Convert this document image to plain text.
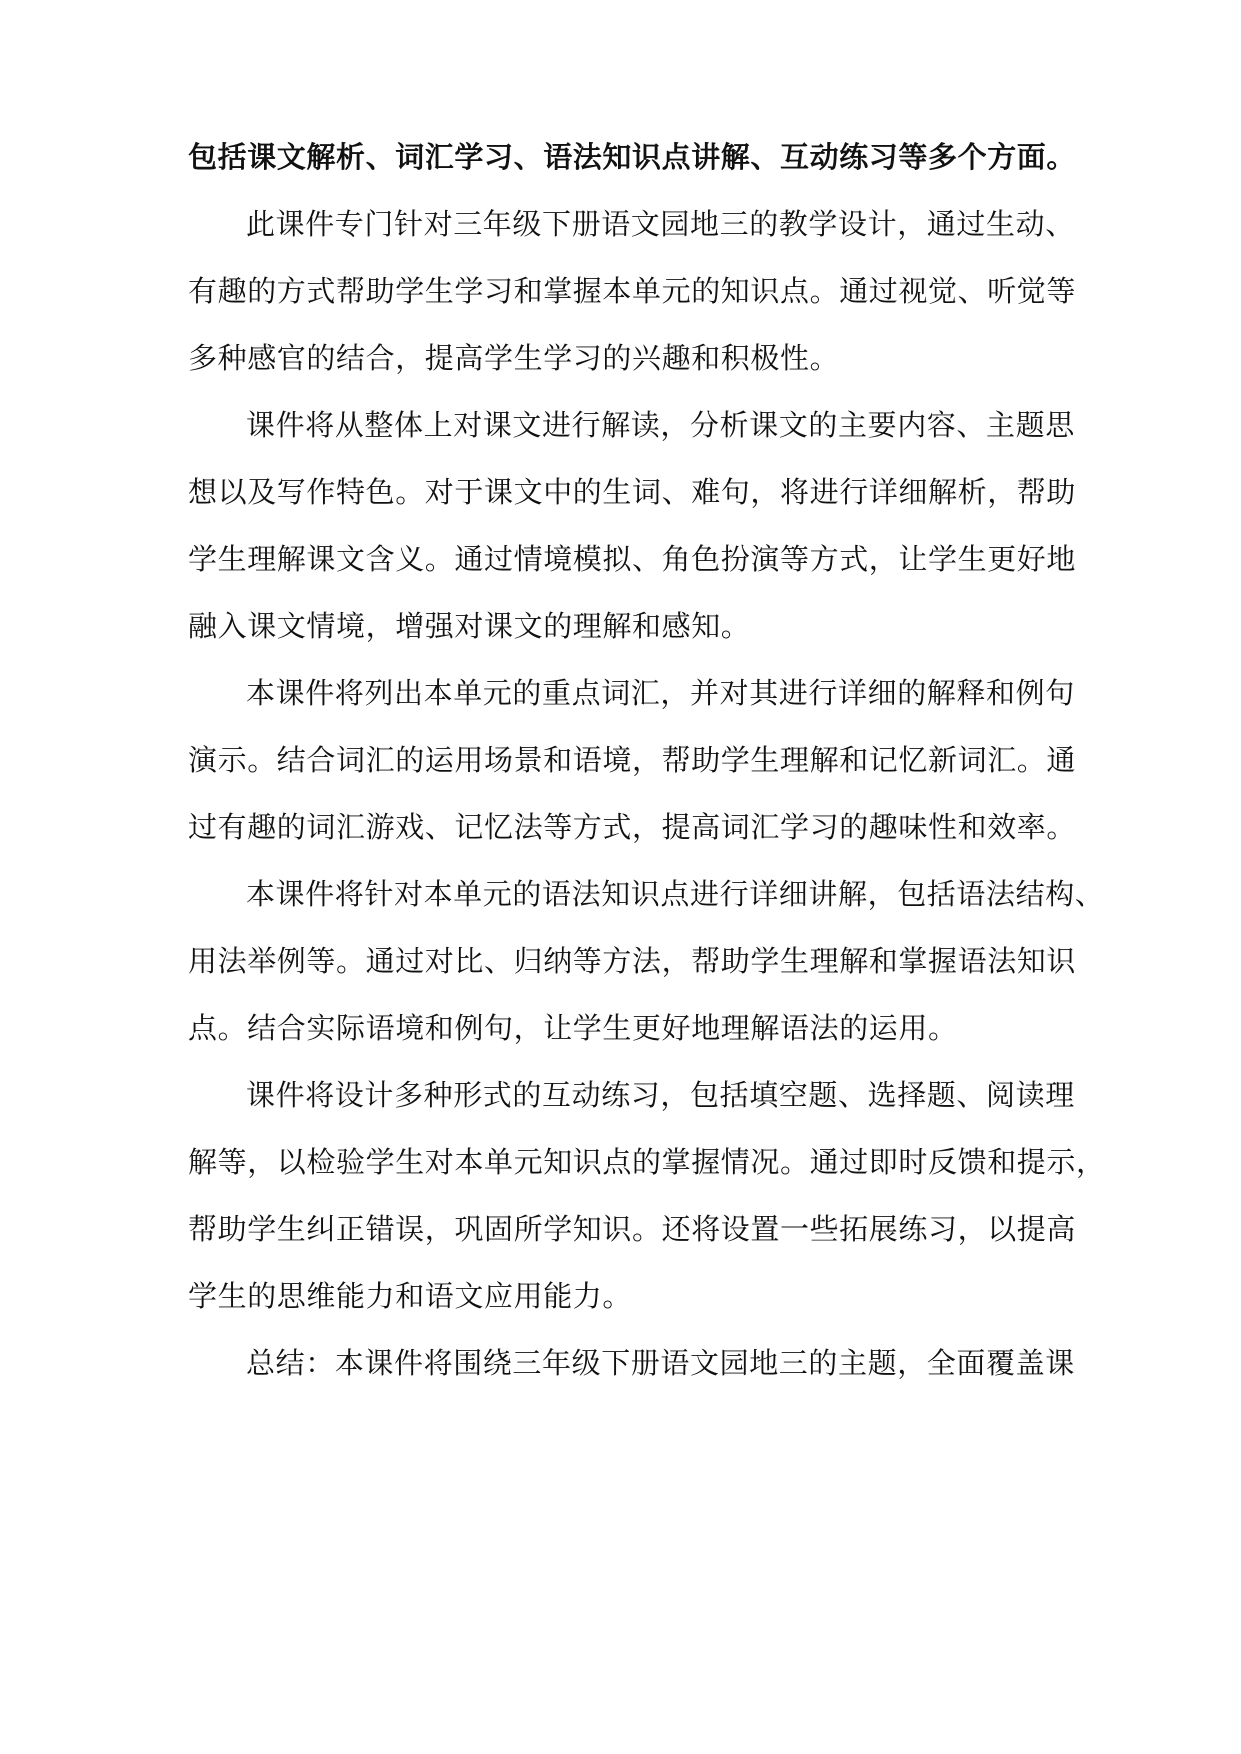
包括课文解析、词汇学习、语法知识点讲解、互动练习等多个方面。

此课件专门针对三年级下册语文园地三的教学设计，通过生动、

有趣的方式帮助学生学习和掌握本单元的知识点。通过视觉、听觉等

多种感官的结合，提高学生学习的兴趣和积极性。

课件将从整体上对课文进行解读，分析课文的主要内容、主题思

想以及写作特色。对于课文中的生词、难句，将进行详细解析，帮助

学生理解课文含义。通过情境模拟、角色扮演等方式，让学生更好地

融入课文情境，增强对课文的理解和感知。

本课件将列出本单元的重点词汇，并对其进行详细的解释和例句

演示。结合词汇的运用场景和语境，帮助学生理解和记忆新词汇。通

过有趣的词汇游戏、记忆法等方式，提高词汇学习的趣味性和效率。

本课件将针对本单元的语法知识点进行详细讲解，包括语法结构、

用法举例等。通过对比、归纳等方法，帮助学生理解和掌握语法知识

点。结合实际语境和例句，让学生更好地理解语法的运用。

课件将设计多种形式的互动练习，包括填空题、选择题、阅读理

解等，以检验学生对本单元知识点的掌握情况。通过即时反馈和提示，

帮助学生纠正错误，巩固所学知识。还将设置一些拓展练习，以提高

学生的思维能力和语文应用能力。

总结：本课件将围绕三年级下册语文园地三的主题，全面覆盖课
